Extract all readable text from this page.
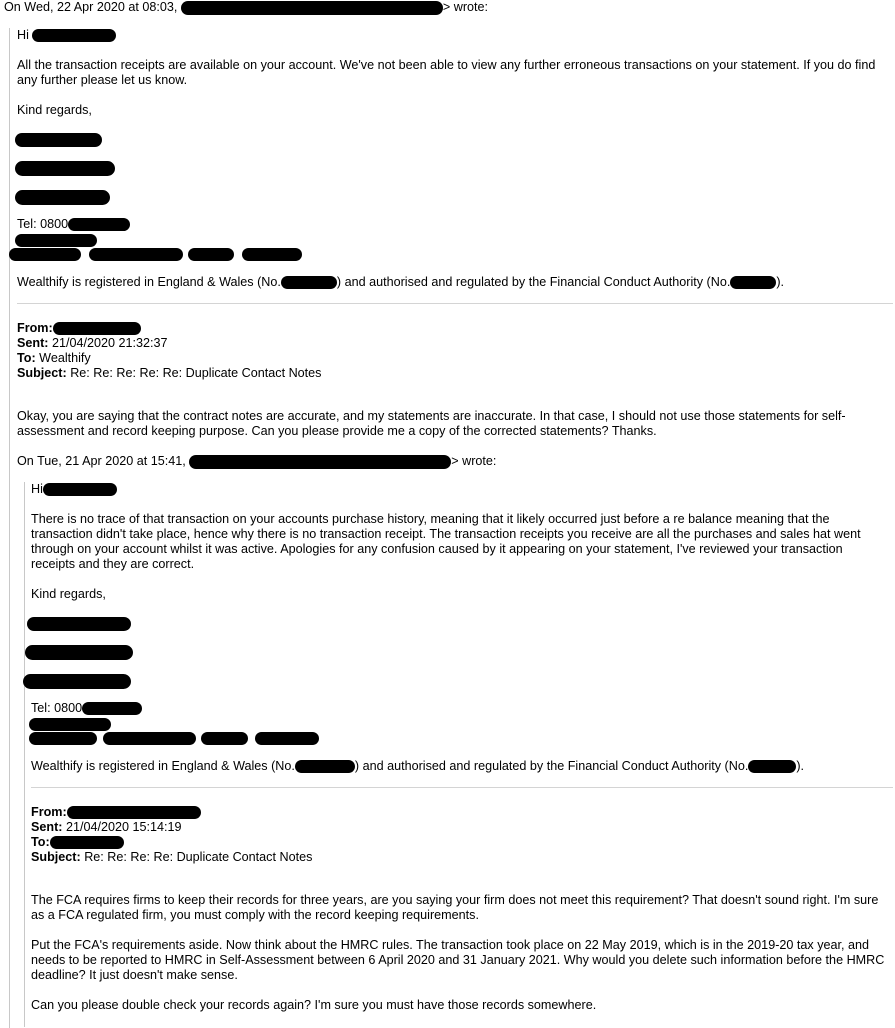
On Wed, 22 Apr 2020 at 08:03,	> wrote:
Hi
All the transaction receipts are available on your account. We've not been able to view any further erroneous transactions on your statement. If you do find any further please let us know.
Kind regards,
Tel: 0800
Wealthify is registered in England & Wales (No.	) and authorised and regulated by the Financial Conduct Authority (No.	).
From:
Sent: 21/04/2020 21:32:37
To: Wealthify
Subject: Re: Re: Re: Re: Re: Duplicate Contact Notes
Okay, you are saying that the contract notes are accurate, and my statements are inaccurate. In that case, I should not use those statements for self-assessment and record keeping purpose. Can you please provide me a copy of the corrected statements? Thanks.
On Tue, 21 Apr 2020 at 15:41,	> wrote:
Hi
There is no trace of that transaction on your accounts purchase history, meaning that it likely occurred just before a re balance meaning that the transaction didn't take place, hence why there is no transaction receipt. The transaction receipts you receive are all the purchases and sales hat went through on your account whilst it was active. Apologies for any confusion caused by it appearing on your statement, I've reviewed your transaction receipts and they are correct.
Kind regards,
Tel: 0800
Wealthify is registered in England & Wales (No.	) and authorised and regulated by the Financial Conduct Authority (No.	).
From:
Sent: 21/04/2020 15:14:19
To:
Subject: Re: Re: Re: Re: Duplicate Contact Notes
The FCA requires firms to keep their records for three years, are you saying your firm does not meet this requirement? That doesn't sound right. I'm sure as a FCA regulated firm, you must comply with the record keeping requirements.
Put the FCA's requirements aside. Now think about the HMRC rules. The transaction took place on 22 May 2019, which is in the 2019-20 tax year, and needs to be reported to HMRC in Self-Assessment between 6 April 2020 and 31 January 2021. Why would you delete such information before the HMRC deadline? It just doesn't make sense.
Can you please double check your records again? I'm sure you must have those records somewhere.
